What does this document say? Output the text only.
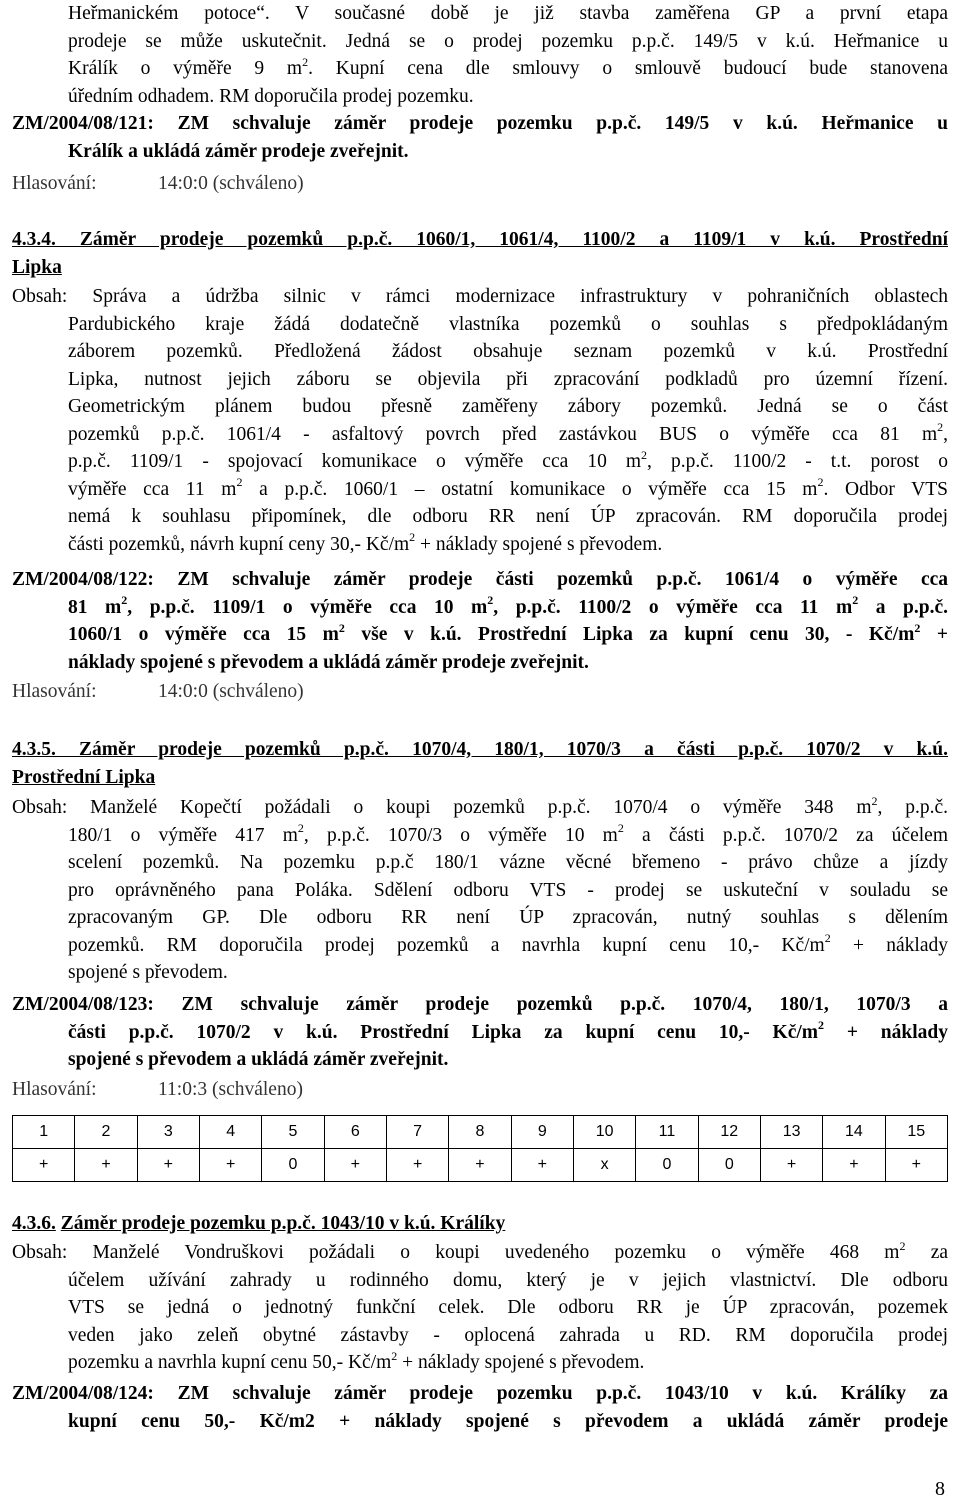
Heřmanickém potoce“. V současné době je již stavba zaměřena GP a první etapa
prodeje se může uskutečnit. Jedná se o prodej pozemku p.p.č. 149/5 v k.ú. Heřmanice u
Králík o výměře 9 $m^2$. Kupní cena dle smlouvy o smlouvě budoucí bude stanovena
úředním odhadem. RM doporučila prodej pozemku.
ZM/2004/08/121: ZM schvaluje záměr prodeje pozemku p.p.č. 149/5 v k.ú. Heřmanice u
Králík a ukládá záměr prodeje zveřejnit.
Hlasování:	14:0:0 (schváleno)
4.3.4. Záměr prodeje pozemků p.p.č. 1060/1, 1061/4, 1100/2 a 1109/1 v k.ú. Prostřední
Lipka
Obsah: Správa a údržba silnic v rámci modernizace infrastruktury v pohraničních oblastech
Pardubického kraje žádá dodatečně vlastníka pozemků o souhlas s předpokládaným
záborem pozemků. Předložená žádost obsahuje seznam pozemků v k.ú. Prostřední
Lipka, nutnost jejich záboru se objevila při zpracování podkladů pro územní řízení.
Geometrickým plánem budou přesně zaměřeny zábory pozemků. Jedná se o část
pozemků p.p.č. 1061/4 - asfaltový povrch před zastávkou BUS o výměře cca 81 $m^2$,
p.p.č. 1109/1 - spojovací komunikace o výměře cca 10 $m^2$, p.p.č. 1100/2 - t.t. porost o
výměře cca 11 $m^2$ a p.p.č. 1060/1 – ostatní komunikace o výměře cca 15 $m^2$. Odbor VTS
nemá k souhlasu připomínek, dle odboru RR není ÚP zpracován. RM doporučila prodej
části pozemků, návrh kupní ceny 30,- $Kč/m^2$ + náklady spojené s převodem.
ZM/2004/08/122: ZM schvaluje záměr prodeje části pozemků p.p.č. 1061/4 o výměře cca
81 $m^2$, p.p.č. 1109/1 o výměře cca 10 $m^2$, p.p.č. 1100/2 o výměře cca 11 $m^2$ a p.p.č.
1060/1 o výměře cca 15 $m^2$ vše v k.ú. Prostřední Lipka za kupní cenu 30, - $Kč/m^2$ +
náklady spojené s převodem a ukládá záměr prodeje zveřejnit.
Hlasování:	14:0:0 (schváleno)
4.3.5. Záměr prodeje pozemků p.p.č. 1070/4, 180/1, 1070/3 a části p.p.č. 1070/2 v k.ú.
Prostřední Lipka
Obsah: Manželé Kopečtí požádali o koupi pozemků p.p.č. 1070/4 o výměře 348 $m^2$, p.p.č.
180/1 o výměře 417 $m^2$, p.p.č. 1070/3 o výměře 10 $m^2$ a části p.p.č. 1070/2 za účelem
scelení pozemků. Na pozemku p.p.č 180/1 vázne věcné břemeno - právo chůze a jízdy
pro oprávněného pana Poláka. Sdělení odboru VTS - prodej se uskuteční v souladu se
zpracovaným GP. Dle odboru RR není ÚP zpracován, nutný souhlas s dělením
pozemků. RM doporučila prodej pozemků a navrhla kupní cenu 10,- $Kč/m^2$ + náklady
spojené s převodem.
ZM/2004/08/123: ZM schvaluje záměr prodeje pozemků p.p.č. 1070/4, 180/1, 1070/3 a
části p.p.č. 1070/2 v k.ú. Prostřední Lipka za kupní cenu 10,- $Kč/m^2$ + náklady
spojené s převodem a ukládá záměr zveřejnit.
Hlasování:	11:0:3 (schváleno)
1	2	3	4	5	6	7	8	9	10	11	12	13	14	15
+	+	+	+	0	+	+	+	+	x	0	0	+	+	+
4.3.6. Záměr prodeje pozemku p.p.č. 1043/10 v k.ú. Králíky
Obsah: Manželé Vondruškovi požádali o koupi uvedeného pozemku o výměře 468 $m^2$ za
účelem užívání zahrady u rodinného domu, který je v jejich vlastnictví. Dle odboru
VTS se jedná o jednotný funkční celek. Dle odboru RR je ÚP zpracován, pozemek
veden jako zeleň obytné zástavby - oplocená zahrada u RD. RM doporučila prodej
pozemku a navrhla kupní cenu 50,- $Kč/m^2$ + náklady spojené s převodem.
ZM/2004/08/124: ZM schvaluje záměr prodeje pozemku p.p.č. 1043/10 v k.ú. Králíky za
kupní cenu 50,- Kč/m2 + náklady spojené s převodem a ukládá záměr prodeje
8
